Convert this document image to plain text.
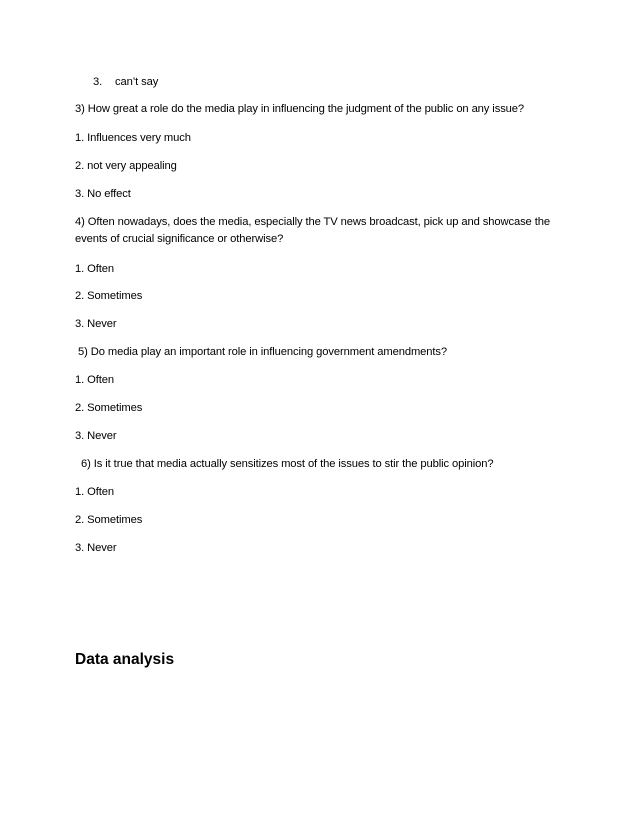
3. can’t say
3) How great a role do the media play in influencing the judgment of the public on any issue?
1. Influences very much
2. not very appealing
3. No effect
4) Often nowadays, does the media, especially the TV news broadcast, pick up and showcase the events of crucial significance or otherwise?
1. Often
2. Sometimes
3. Never
5) Do media play an important role in influencing government amendments?
1. Often
2. Sometimes
3. Never
6) Is it true that media actually sensitizes most of the issues to stir the public opinion?
1. Often
2. Sometimes
3. Never
Data analysis
